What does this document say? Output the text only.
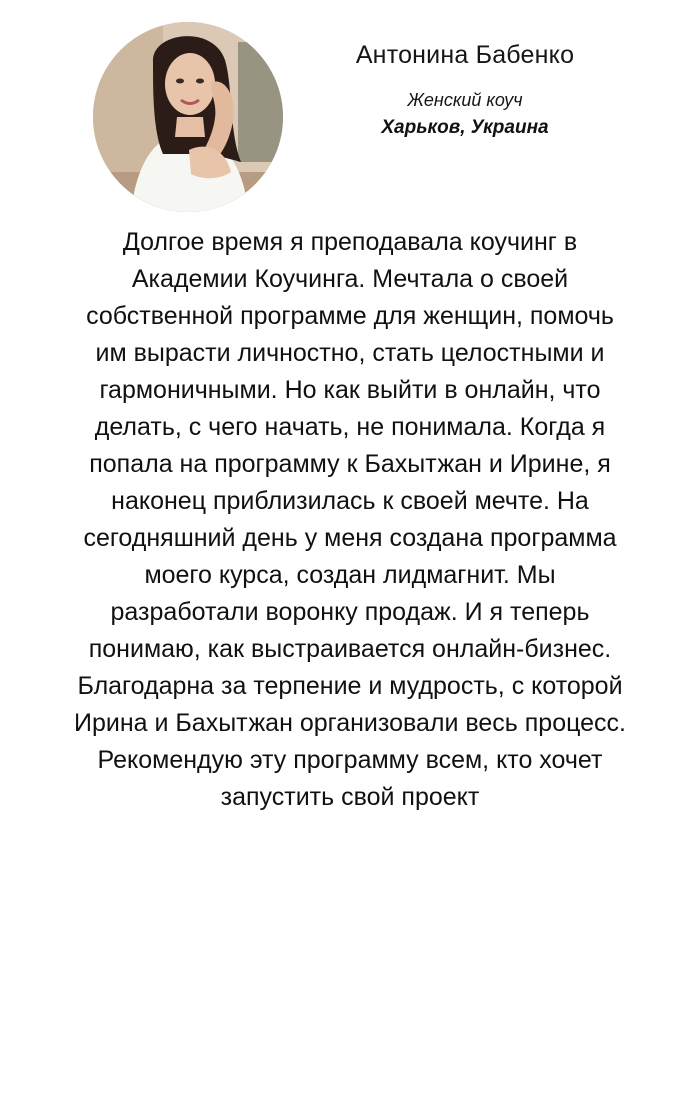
Антонина Бабенко
Женский коуч
Харьков, Украина
Долгое время я преподавала коучинг в
Академии Коучинга. Мечтала о своей
собственной программе для женщин, помочь
им вырасти личностно, стать целостными и
гармоничными. Но как выйти в онлайн, что
делать, с чего начать, не понимала. Когда я
попала на программу к Бахытжан и Ирине, я
наконец приблизилась к своей мечте. На
сегодняшний день у меня создана программа
моего курса, создан лидмагнит. Мы
разработали воронку продаж. И я теперь
понимаю, как выстраивается онлайн-бизнес.
Благодарна за терпение и мудрость, с которой
Ирина и Бахытжан организовали весь процесс.
Рекомендую эту программу всем, кто хочет
запустить свой проект
